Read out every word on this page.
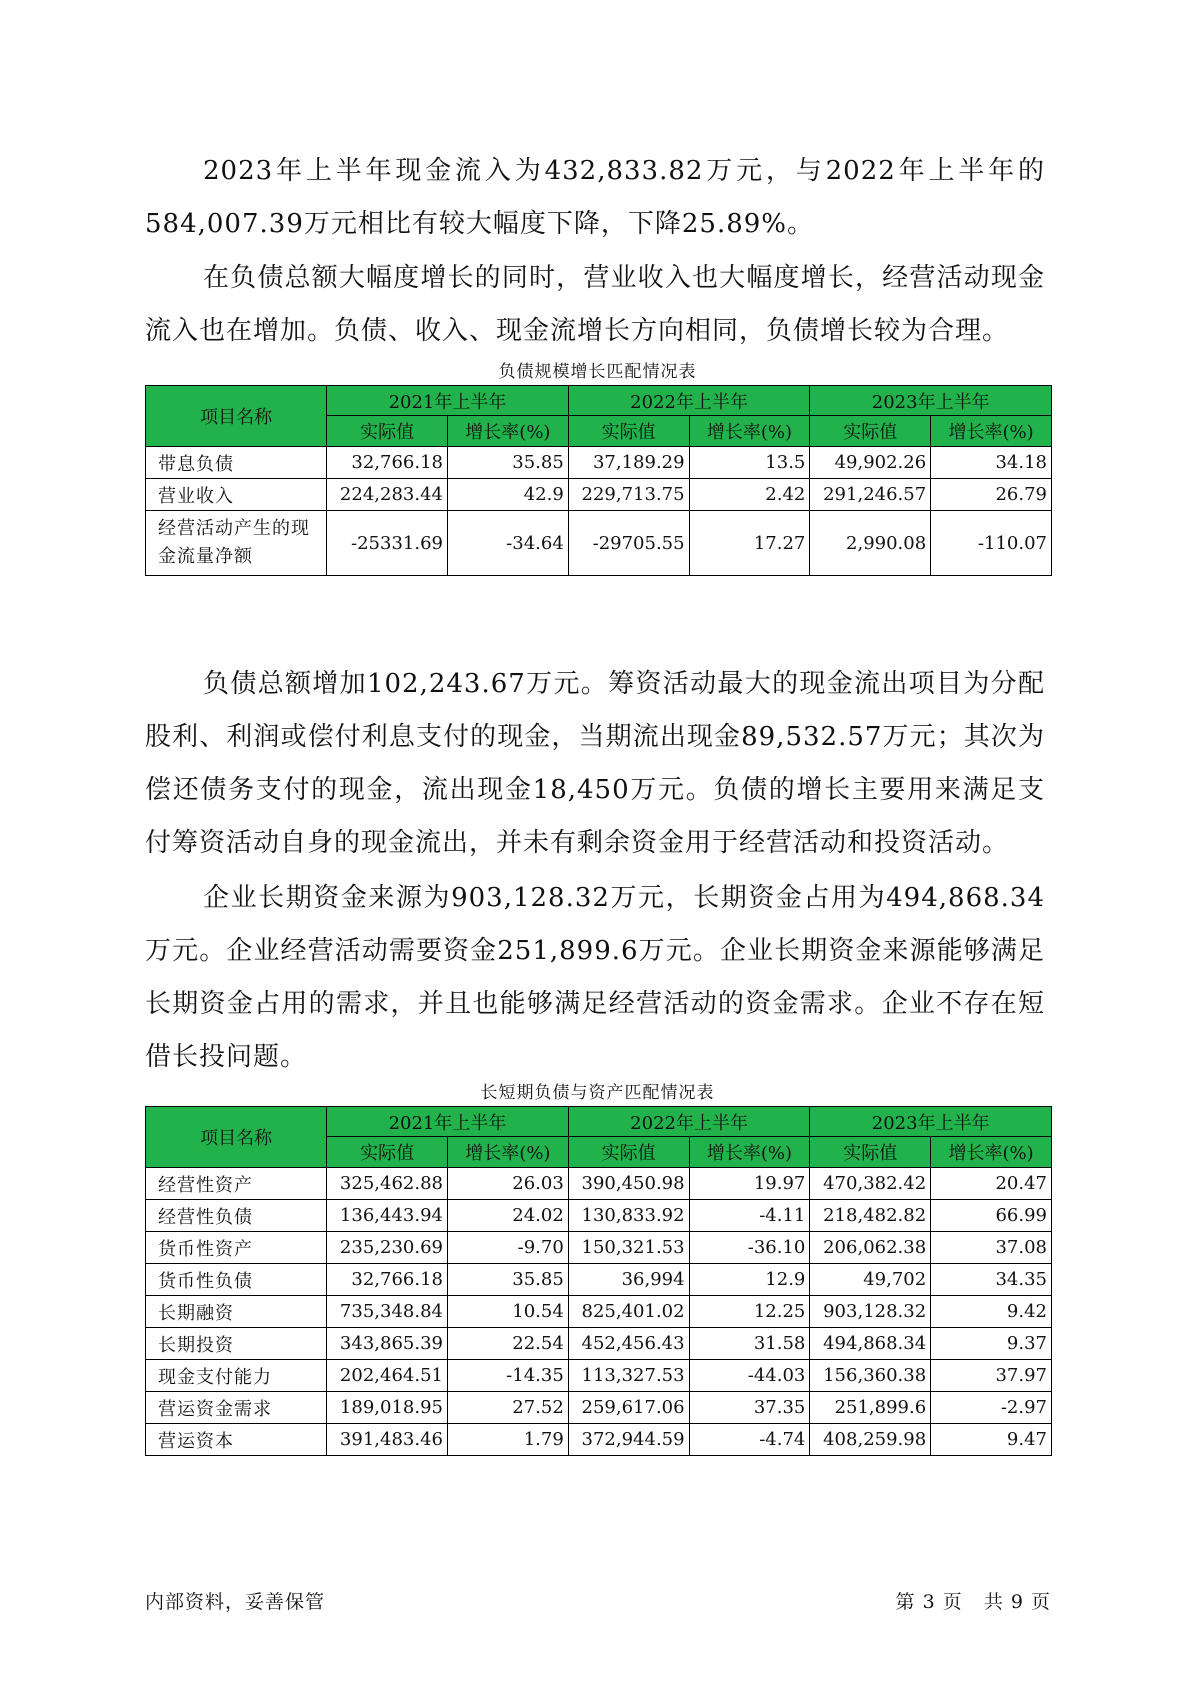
2023年上半年现金流入为432,833.82万元，与2022年上半年的584,007.39万元相比有较大幅度下降，下降25.89%。

在负债总额大幅度增长的同时，营业收入也大幅度增长，经营活动现金流入也在增加。负债、收入、现金流增长方向相同，负债增长较为合理。

负债规模增长匹配情况表
项目名称	2021年上半年		2022年上半年		2023年上半年	
	实际值	增长率(%)	实际值	增长率(%)	实际值	增长率(%)
带息负债	32,766.18	35.85	37,189.29	13.5	49,902.26	34.18
营业收入	224,283.44	42.9	229,713.75	2.42	291,246.57	26.79
经营活动产生的现金流量净额	-25331.69	-34.64	-29705.55	17.27	2,990.08	-110.07

负债总额增加102,243.67万元。筹资活动最大的现金流出项目为分配股利、利润或偿付利息支付的现金，当期流出现金89,532.57万元；其次为偿还债务支付的现金，流出现金18,450万元。负债的增长主要用来满足支付筹资活动自身的现金流出，并未有剩余资金用于经营活动和投资活动。

企业长期资金来源为903,128.32万元，长期资金占用为494,868.34万元。企业经营活动需要资金251,899.6万元。企业长期资金来源能够满足长期资金占用的需求，并且也能够满足经营活动的资金需求。企业不存在短借长投问题。

长短期负债与资产匹配情况表
项目名称	2021年上半年		2022年上半年		2023年上半年	
	实际值	增长率(%)	实际值	增长率(%)	实际值	增长率(%)
经营性资产	325,462.88	26.03	390,450.98	19.97	470,382.42	20.47
经营性负债	136,443.94	24.02	130,833.92	-4.11	218,482.82	66.99
货币性资产	235,230.69	-9.70	150,321.53	-36.10	206,062.38	37.08
货币性负债	32,766.18	35.85	36,994	12.9	49,702	34.35
长期融资	735,348.84	10.54	825,401.02	12.25	903,128.32	9.42
长期投资	343,865.39	22.54	452,456.43	31.58	494,868.34	9.37
现金支付能力	202,464.51	-14.35	113,327.53	-44.03	156,360.38	37.97
营运资金需求	189,018.95	27.52	259,617.06	37.35	251,899.6	-2.97
营运资本	391,483.46	1.79	372,944.59	-4.74	408,259.98	9.47
内部资料，妥善保管	第 3 页   共 9 页
